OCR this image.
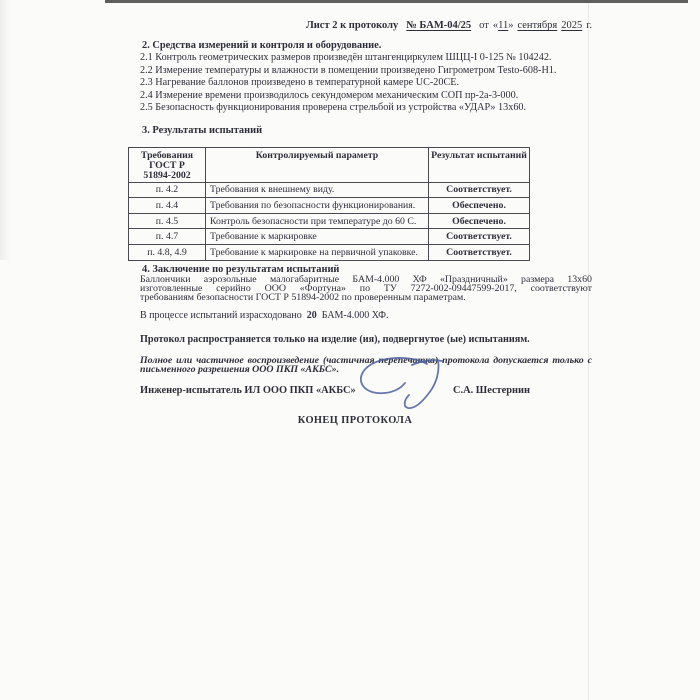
Лист 2 к протоколу № БАМ-04/25 от «11» сентября 2025 г.
2. Средства измерений и контроля и оборудование.
2.1 Контроль геометрических размеров произведён штангенциркулем ШЦЦ-I 0-125 № 104242.
2.2 Измерение температуры и влажности в помещении произведено Гигрометром Testo-608-H1.
2.3 Нагревание баллонов произведено в температурной камере UC-20CE.
2.4 Измерение времени производилось секундомером механическим СОП пр-2а-3-000.
2.5 Безопасность функционирования проверена стрельбой из устройства «УДАР» 13х60.
3. Результаты испытаний
Требования
ГОСТ Р
51894-2002	Контролируемый параметр	Результат испытаний
п. 4.2	Требования к внешнему виду.	Соответствует.
п. 4.4	Требования по безопасности функционирования.	Обеспечено.
п. 4.5	Контроль безопасности при температуре до 60 С.	Обеспечено.
п. 4.7	Требование к маркировке	Соответствует.
п. 4.8, 4.9	Требование к маркировке на первичной упаковке.	Соответствует.
4. Заключение по результатам испытаний
Баллончики аэрозольные малогабаритные БАМ-4.000 ХФ «Праздничный» размера 13х60
изготовленные серийно ООО «Фортуна» по ТУ 7272-002-09447599-2017, соответствуют
требованиям безопасности ГОСТ Р 51894-2002 по проверенным параметрам.
В процессе испытаний израсходовано 20 БАМ-4.000 ХФ.
Протокол распространяется только на изделие (ия), подвергнутое (ые) испытаниям.
Полное или частичное воспроизведение (частичная перепечатка) протокола допускается только с
письменного разрешения ООО ПКП «АКБС».
Инженер-испытатель ИЛ ООО ПКП «АКБС»	С.А. Шестернин
КОНЕЦ ПРОТОКОЛА
